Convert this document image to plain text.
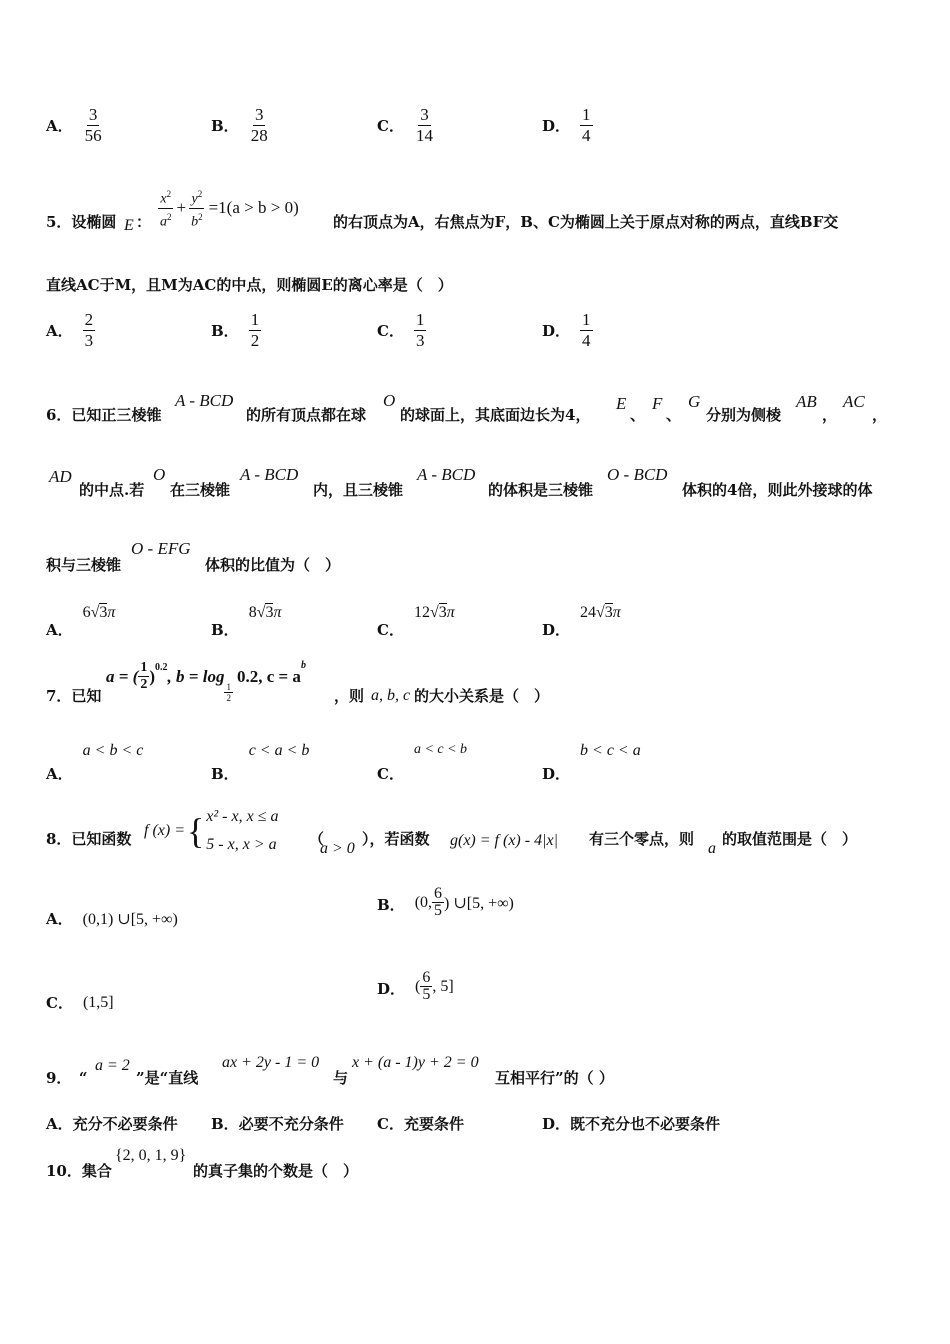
A． $\frac{3}{56}$	B． $\frac{3}{28}$	C． $\frac{3}{14}$	D． $\frac{1}{4}$
5．设椭圆 E ： $\frac{x^2}{a^2} + \frac{y^2}{b^2} =1(a > b > 0)$
的右顶点为A，右焦点为F，B、C为椭圆上关于原点对称的两点，直线BF交
直线AC于M，且M为AC的中点，则椭圆E的离心率是（　）
A． $\frac{2}{3}$	B． $\frac{1}{2}$	C． $\frac{1}{3}$	D． $\frac{1}{4}$
6．已知正三棱锥
A - BCD
的所有顶点都在球
O
的球面上，其底面边长为4，
E
、
F
、
G
分别为侧棱
AB
，
AC
，
AD
的中点.若
O
在三棱锥
A - BCD
内，且三棱锥
A - BCD
的体积是三棱锥
O - BCD
体积的4倍，则此外接球的体
积与三棱锥
O - EFG
体积的比值为（　）
A．
6√3π
B．
8√3π
C．
12√3π
D．
24√3π
7．已知
a = ( $\frac{1}{2} )^{0.2}$ , b = log
$\frac{1}{2}$
0.2, c = a
$^b$
，则 a, b, c 的大小关系是（　）
A．
a < b < c
B．
c < a < b
C．
a < c < b
D．
b < c < a
8．已知函数 f (x) = { x² - x, x ≤ a
5 - x, x > a （
a > 0
），若函数 g(x) = f (x) - 4|x| 有三个零点，则
a
的取值范围是（　）
A． (0,1) ∪[5, +∞)
B． (0, $\frac{6}{5}$ ) ∪[5, +∞)
C． (1,5]
D． ( $\frac{6}{5}$ , 5]
9．　“
a = 2
”是“直线
ax + 2y - 1 = 0
与
x + (a - 1)y + 2 = 0
互相平行”的（ ）
A．充分不必要条件 B．必要不充分条件 C．充要条件	D．既不充分也不必要条件
10．集合
{2, 0, 1, 9}
的真子集的个数是（　）
